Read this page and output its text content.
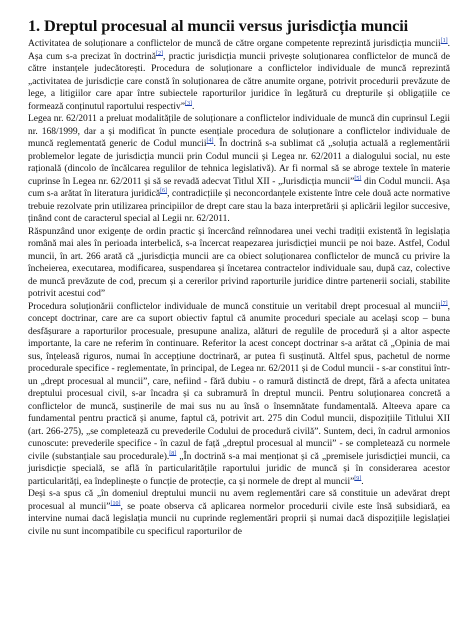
1. Dreptul procesual al muncii versus jurisdicția muncii

Activitatea de soluționare a conflictelor de muncă de către organe competente reprezintă jurisdicția muncii[1]. Așa cum s-a precizat în doctrină[2], practic jurisdicția muncii privește soluționarea conflictelor de muncă de către instanțele judecătorești. Procedura de soluționare a conflictelor individuale de muncă reprezintă „activitatea de jurisdicție care constă în soluționarea de către anumite organe, potrivit procedurii prevăzute de lege, a litigiilor care apar între subiectele raporturilor juridice în legătură cu drepturile și obligațiile ce formează conținutul raportului respectiv”[3].

Legea nr. 62/2011 a preluat modalitățile de soluționare a conflictelor individuale de muncă din cuprinsul Legii nr. 168/1999, dar a și modificat în puncte esențiale procedura de soluționare a conflictelor individuale de muncă reglementată generic de Codul muncii[4]. În doctrină s-a sublimat că „soluția actuală a reglementării problemelor legate de jurisdicția muncii prin Codul muncii și Legea nr. 62/2011 a dialogului social, nu este rațională (dincolo de încălcarea regulilor de tehnica legislativă). Ar fi normal să se abroge textele în materie cuprinse în Legea nr. 62/2011 și să se revadă adecvat Titlul XII - „Jurisdicția muncii”[5] din Codul muncii. Așa cum s-a arătat în literatura juridică[6], contradicțiile și neconcordanțele existente între cele două acte normative trebuie rezolvate prin utilizarea principiilor de drept care stau la baza interpretării și aplicării legilor succesive, ținând cont de caracterul special al Legii nr. 62/2011.

Răspunzând unor exigențe de ordin practic și încercând reînnodarea unei vechi tradiții existentă în legislația română mai ales în perioada interbelică, s-a încercat reapezarea jurisdicției muncii pe noi baze. Astfel, Codul muncii, în art. 266 arată că „jurisdicția muncii are ca obiect soluționarea conflictelor de muncă cu privire la încheierea, executarea, modificarea, suspendarea și încetarea contractelor individuale sau, după caz, colective de muncă prevăzute de cod, precum și a cererilor privind raporturile juridice dintre partenerii sociali, stabilite potrivit acestui cod”

Procedura soluționării conflictelor individuale de muncă constituie un veritabil drept procesual al muncii[7], concept doctrinar, care are ca suport obiectiv faptul că anumite proceduri speciale au același scop – buna desfășurare a raporturilor procesuale, presupune analiza, alături de regulile de procedură și a altor aspecte importante, la care ne referim în continuare. Referitor la acest concept doctrinar s-a arătat că „Opinia de mai sus, înțeleasă riguros, numai în accepțiune doctrinară, ar putea fi susținută. Altfel spus, pachetul de norme procedurale specifice - reglementate, în principal, de Legea nr. 62/2011 și de Codul muncii - s-ar constitui într-un „drept procesual al muncii”, care, nefiind - fără dubiu - o ramură distinctă de drept, fără a afecta unitatea dreptului procesual civil, s-ar încadra și ca subramură în dreptul muncii. Pentru soluționarea concretă a conflictelor de muncă, susținerile de mai sus nu au însă o însemnătate fundamentală. Alteeva apare ca fundamental pentru practică și anume, faptul că, potrivit art. 275 din Codul muncii, dispozițiile Titlului XII (art. 266-275), „se completează cu prevederile Codului de procedură civilă”. Suntem, deci, în cadrul armonios cunoscute: prevederile specifice - în cazul de față „dreptul procesual al muncii” - se completează cu normele civile (substanțiale sau procedurale).[8] „În doctrină s-a mai menționat și că „premisele jurisdicției muncii, ca jurisdicție specială, se află în particularitățile raportului juridic de muncă și în considerarea acestor particularități, ea îndeplinește o funcție de protecție, ca și normele de drept al muncii”[9].

Deși s-a spus că „în domeniul dreptului muncii nu avem reglementări care să constituie un adevărat drept procesual al muncii”[10], se poate observa că aplicarea normelor procedurii civile este însă subsidiară, ea intervine numai dacă legislația muncii nu cuprinde reglementări proprii și numai dacă dispozițiile legislației civile nu sunt incompatibile cu specificul raporturilor de
